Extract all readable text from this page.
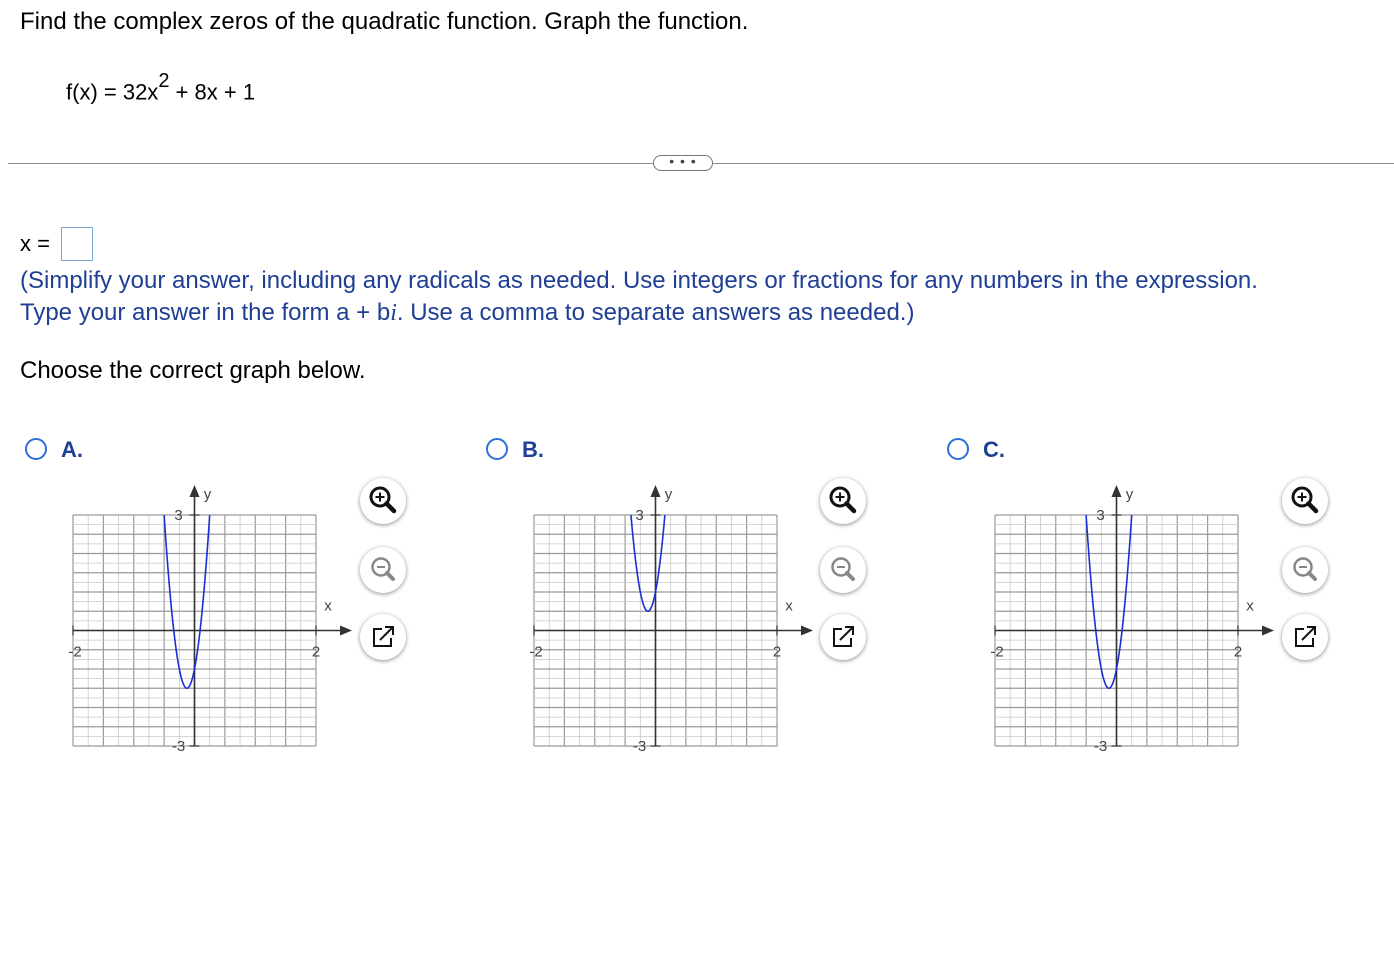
Find the complex zeros of the quadratic function. Graph the function.
$f(x) = 32x^2 + 8x + 1$
• • •
x =
(Simplify your answer, including any radicals as needed. Use integers or fractions for any numbers in the expression.
Type your answer in the form a + bi. Use a comma to separate answers as needed.)
Choose the correct graph below.
A.
-2	2
3
-3
y
x
B.
-2	2
3
-3
y
x
C.
-2	2
3
-3
y
x
